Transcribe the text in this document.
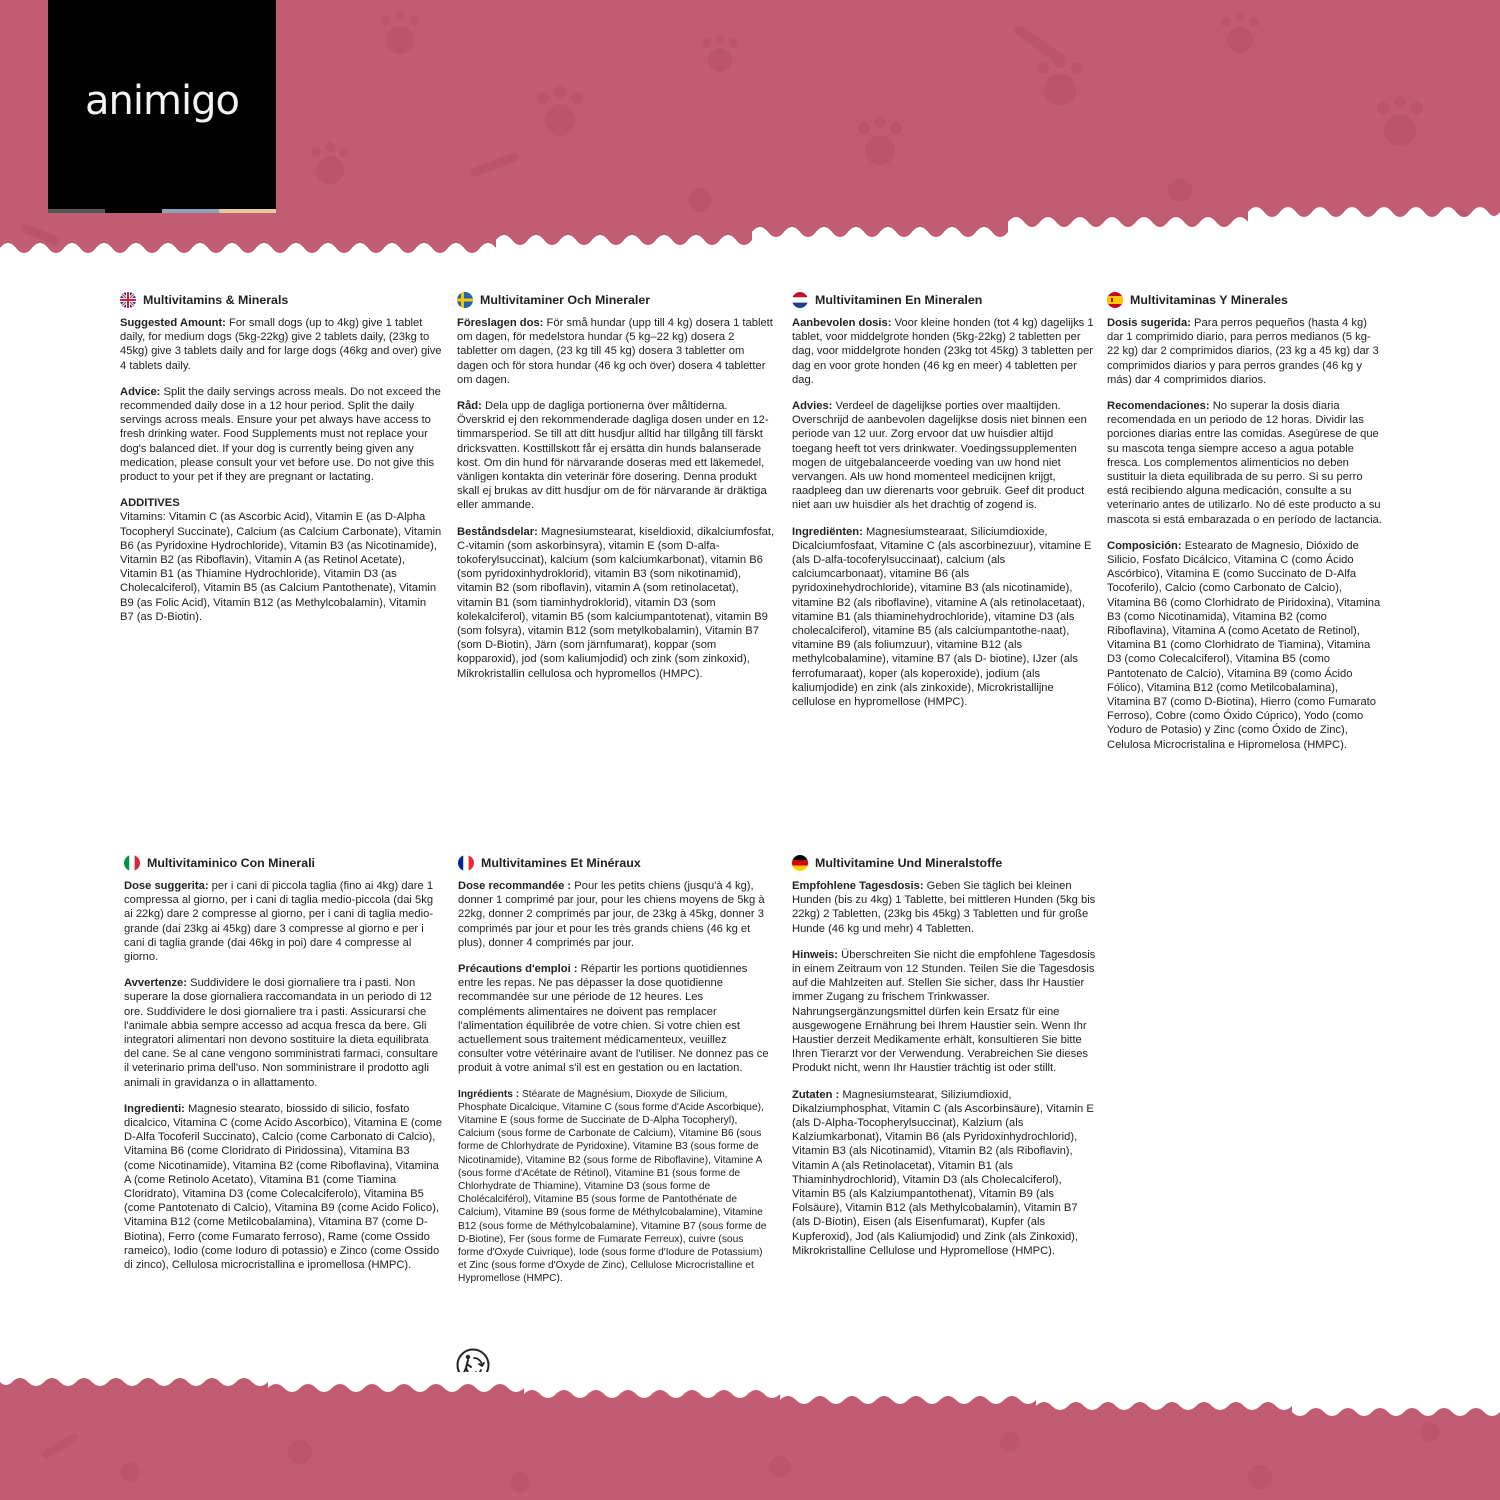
animigo
Multivitamins & Minerals

Suggested Amount: For small dogs (up to 4kg) give 1 tablet daily, for medium dogs (5kg-22kg) give 2 tablets daily, (23kg to 45kg) give 3 tablets daily and for large dogs (46kg and over) give 4 tablets daily.

Advice: Split the daily servings across meals. Do not exceed the recommended daily dose in a 12 hour period. Split the daily servings across meals. Ensure your pet always have access to fresh drinking water. Food Supplements must not replace your dog's balanced diet. If your dog is currently being given any medication, please consult your vet before use. Do not give this product to your pet if they are pregnant or lactating.

ADDITIVES
Vitamins: Vitamin C (as Ascorbic Acid), Vitamin E (as D-Alpha Tocopheryl Succinate), Calcium (as Calcium Carbonate), Vitamin B6 (as Pyridoxine Hydrochloride), Vitamin B3 (as Nicotinamide), Vitamin B2 (as Riboflavin), Vitamin A (as Retinol Acetate), Vitamin B1 (as Thiamine Hydrochloride), Vitamin D3 (as Cholecalciferol), Vitamin B5 (as Calcium Pantothenate), Vitamin B9 (as Folic Acid), Vitamin B12 (as Methylcobalamin), Vitamin B7 (as D-Biotin).

Multivitaminer Och Mineraler

Föreslagen dos: För små hundar (upp till 4 kg) dosera 1 tablett om dagen, för medelstora hundar (5 kg–22 kg) dosera 2 tabletter om dagen, (23 kg till 45 kg) dosera 3 tabletter om dagen och för stora hundar (46 kg och över) dosera 4 tabletter om dagen.

Råd: Dela upp de dagliga portionerna över måltiderna. Överskrid ej den rekommenderade dagliga dosen under en 12-timmarsperiod. Se till att ditt husdjur alltid har tillgång till färskt dricksvatten. Kosttillskott får ej ersätta din hunds balanserade kost. Om din hund för närvarande doseras med ett läkemedel, vänligen kontakta din veterinär före dosering. Denna produkt skall ej brukas av ditt husdjur om de för närvarande är dräktiga eller ammande.

Beståndsdelar: Magnesiumstearat, kiseldioxid, dikalciumfosfat, C-vitamin (som askorbinsyra), vitamin E (som D-alfa-tokoferylsuccinat), kalcium (som kalciumkarbonat), vitamin B6 (som pyridoxinhydroklorid), vitamin B3 (som nikotinamid), vitamin B2 (som riboflavin), vitamin A (som retinolacetat), vitamin B1 (som tiaminhydroklorid), vitamin D3 (som kolekalciferol), vitamin B5 (som kalciumpantotenat), vitamin B9 (som folsyra), vitamin B12 (som metylkobalamin), Vitamin B7 (som D-Biotin), Järn (som järnfumarat), koppar (som kopparoxid), jod (som kaliumjodid) och zink (som zinkoxid), Mikrokristallin cellulosa och hypromellos (HMPC).

Multivitaminen En Mineralen

Aanbevolen dosis: Voor kleine honden (tot 4 kg) dagelijks 1 tablet, voor middelgrote honden (5kg-22kg) 2 tabletten per dag, voor middelgrote honden (23kg tot 45kg) 3 tabletten per dag en voor grote honden (46 kg en meer) 4 tabletten per dag.

Advies: Verdeel de dagelijkse porties over maaltijden. Overschrijd de aanbevolen dagelijkse dosis niet binnen een periode van 12 uur. Zorg ervoor dat uw huisdier altijd toegang heeft tot vers drinkwater. Voedingssupplementen mogen de uitgebalanceerde voeding van uw hond niet vervangen. Als uw hond momenteel medicijnen krijgt, raadpleeg dan uw dierenarts voor gebruik. Geef dit product niet aan uw huisdier als het drachtig of zogend is.

Ingrediënten: Magnesiumstearaat, Siliciumdioxide, Dicalciumfosfaat, Vitamine C (als ascorbinezuur), vitamine E (als D-alfa-tocoferylsuccinaat), calcium (als calciumcarbonaat), vitamine B6 (als pyridoxinehydrochloride), vitamine B3 (als nicotinamide), vitamine B2 (als riboflavine), vitamine A (als retinolacetaat), vitamine B1 (als thiaminehydrochloride), vitamine D3 (als cholecalciferol), vitamine B5 (als calciumpantothe-naat), vitamine B9 (als foliumzuur), vitamine B12 (als methylcobalamine), vitamine B7 (als D- biotine), IJzer (als ferrofumaraat), koper (als koperoxide), jodium (als kaliumjodide) en zink (als zinkoxide), Microkristallijne cellulose en hypromellose (HMPC).

Multivitaminas Y Minerales

Dosis sugerida: Para perros pequeños (hasta 4 kg) dar 1 comprimido diario, para perros medianos (5 kg-22 kg) dar 2 comprimidos diarios, (23 kg a 45 kg) dar 3 comprimidos diarios y para perros grandes (46 kg y más) dar 4 comprimidos diarios.

Recomendaciones: No superar la dosis diaria recomendada en un periodo de 12 horas. Dividir las porciones diarias entre las comidas. Asegúrese de que su mascota tenga siempre acceso a agua potable fresca. Los complementos alimenticios no deben sustituir la dieta equilibrada de su perro. Si su perro está recibiendo alguna medicación, consulte a su veterinario antes de utilizarlo. No dé este producto a su mascota si está embarazada o en período de lactancia.

Composición: Estearato de Magnesio, Dióxido de Silicio, Fosfato Dicálcico, Vitamina C (como Ácido Ascórbico), Vitamina E (como Succinato de D-Alfa Tocoferilo), Calcio (como Carbonato de Calcio), Vitamina B6 (como Clorhidrato de Piridoxina), Vitamina B3 (como Nicotinamida), Vitamina B2 (como Riboflavina), Vitamina A (como Acetato de Retinol), Vitamina B1 (como Clorhidrato de Tiamina), Vitamina D3 (como Colecalciferol), Vitamina B5 (como Pantotenato de Calcio), Vitamina B9 (como Ácido Fólico), Vitamina B12 (como Metilcobalamina), Vitamina B7 (como D-Biotina), Hierro (como Fumarato Ferroso), Cobre (como Óxido Cúprico), Yodo (como Yoduro de Potasio) y Zinc (como Óxido de Zinc), Celulosa Microcristalina e Hipromelosa (HMPC).

Multivitaminico Con Minerali

Dose suggerita: per i cani di piccola taglia (fino ai 4kg) dare 1 compressa al giorno, per i cani di taglia medio-piccola (dai 5kg ai 22kg) dare 2 compresse al giorno, per i cani di taglia medio-grande (dai 23kg ai 45kg) dare 3 compresse al giorno e per i cani di taglia grande (dai 46kg in poi) dare 4 compresse al giorno.

Avvertenze: Suddividere le dosi giornaliere tra i pasti. Non superare la dose giornaliera raccomandata in un periodo di 12 ore. Suddividere le dosi giornaliere tra i pasti. Assicurarsi che l'animale abbia sempre accesso ad acqua fresca da bere. Gli integratori alimentari non devono sostituire la dieta equilibrata del cane. Se al cane vengono somministrati farmaci, consultare il veterinario prima dell'uso. Non somministrare il prodotto agli animali in gravidanza o in allattamento.

Ingredienti: Magnesio stearato, biossido di silicio, fosfato dicalcico, Vitamina C (come Acido Ascorbico), Vitamina E (come D-Alfa Tocoferil Succinato), Calcio (come Carbonato di Calcio), Vitamina B6 (come Cloridrato di Piridossina), Vitamina B3 (come Nicotinamide), Vitamina B2 (come Riboflavina), Vitamina A (come Retinolo Acetato), Vitamina B1 (come Tiamina Cloridrato), Vitamina D3 (come Colecalciferolo), Vitamina B5 (come Pantotenato di Calcio), Vitamina B9 (come Acido Folico), Vitamina B12 (come Metilcobalamina), Vitamina B7 (come D-Biotina), Ferro (come Fumarato ferroso), Rame (come Ossido rameico), Iodio (come Ioduro di potassio) e Zinco (come Ossido di zinco), Cellulosa microcristallina e ipromellosa (HMPC).

Multivitamines Et Minéraux

Dose recommandée : Pour les petits chiens (jusqu'à 4 kg), donner 1 comprimé par jour, pour les chiens moyens de 5kg à 22kg, donner 2 comprimés par jour, de 23kg à 45kg, donner 3 comprimés par jour et pour les très grands chiens (46 kg et plus), donner 4 comprimés par jour.

Précautions d'emploi : Répartir les portions quotidiennes entre les repas. Ne pas dépasser la dose quotidienne recommandée sur une période de 12 heures. Les compléments alimentaires ne doivent pas remplacer l'alimentation équilibrée de votre chien. Si votre chien est actuellement sous traitement médicamenteux, veuillez consulter votre vétérinaire avant de l'utiliser. Ne donnez pas ce produit à votre animal s'il est en gestation ou en lactation.

Ingrédients : Stéarate de Magnésium, Dioxyde de Silicium, Phosphate Dicalcique, Vitamine C (sous forme d'Acide Ascorbique), Vitamine E (sous forme de Succinate de D-Alpha Tocopheryl), Calcium (sous forme de Carbonate de Calcium), Vitamine B6 (sous forme de Chlorhydrate de Pyridoxine), Vitamine B3 (sous forme de Nicotinamide), Vitamine B2 (sous forme de Riboflavine), Vitamine A (sous forme d'Acétate de Rétinol), Vitamine B1 (sous forme de Chlorhydrate de Thiamine), Vitamine D3 (sous forme de Cholécalciférol), Vitamine B5 (sous forme de Pantothénate de Calcium), Vitamine B9 (sous forme de Méthylcobalamine), Vitamine B12 (sous forme de Méthylcobalamine), Vitamine B7 (sous forme de D-Biotine), Fer (sous forme de Fumarate Ferreux), cuivre (sous forme d'Oxyde Cuivrique), Iode (sous forme d'Iodure de Potassium) et Zinc (sous forme d'Oxyde de Zinc), Cellulose Microcristalline et Hypromellose (HMPC).

Multivitamine Und Mineralstoffe

Empfohlene Tagesdosis: Geben Sie täglich bei kleinen Hunden (bis zu 4kg) 1 Tablette, bei mittleren Hunden (5kg bis 22kg) 2 Tabletten, (23kg bis 45kg) 3 Tabletten und für große Hunde (46 kg und mehr) 4 Tabletten.

Hinweis: Überschreiten Sie nicht die empfohlene Tagesdosis in einem Zeitraum von 12 Stunden. Teilen Sie die Tagesdosis auf die Mahlzeiten auf. Stellen Sie sicher, dass Ihr Haustier immer Zugang zu frischem Trinkwasser. Nahrungsergänzungsmittel dürfen kein Ersatz für eine ausgewogene Ernährung bei Ihrem Haustier sein. Wenn Ihr Haustier derzeit Medikamente erhält, konsultieren Sie bitte Ihren Tierarzt vor der Verwendung. Verabreichen Sie dieses Produkt nicht, wenn Ihr Haustier trächtig ist oder stillt.

Zutaten : Magnesiumstearat, Siliziumdioxid, Dikalziumphosphat, Vitamin C (als Ascorbinsäure), Vitamin E (als D-Alpha-Tocopherylsuccinat), Kalzium (als Kalziumkarbonat), Vitamin B6 (als Pyridoxinhydrochlorid), Vitamin B3 (als Nicotinamid), Vitamin B2 (als Riboflavin), Vitamin A (als Retinolacetat), Vitamin B1 (als Thiaminhydrochlorid), Vitamin D3 (als Cholecalciferol), Vitamin B5 (als Kalziumpantothenat), Vitamin B9 (als Folsäure), Vitamin B12 (als Methylcobalamin), Vitamin B7 (als D-Biotin), Eisen (als Eisenfumarat), Kupfer (als Kupferoxid), Jod (als Kaliumjodid) und Zink (als Zinkoxid), Mikrokristalline Cellulose und Hypromellose (HMPC).
